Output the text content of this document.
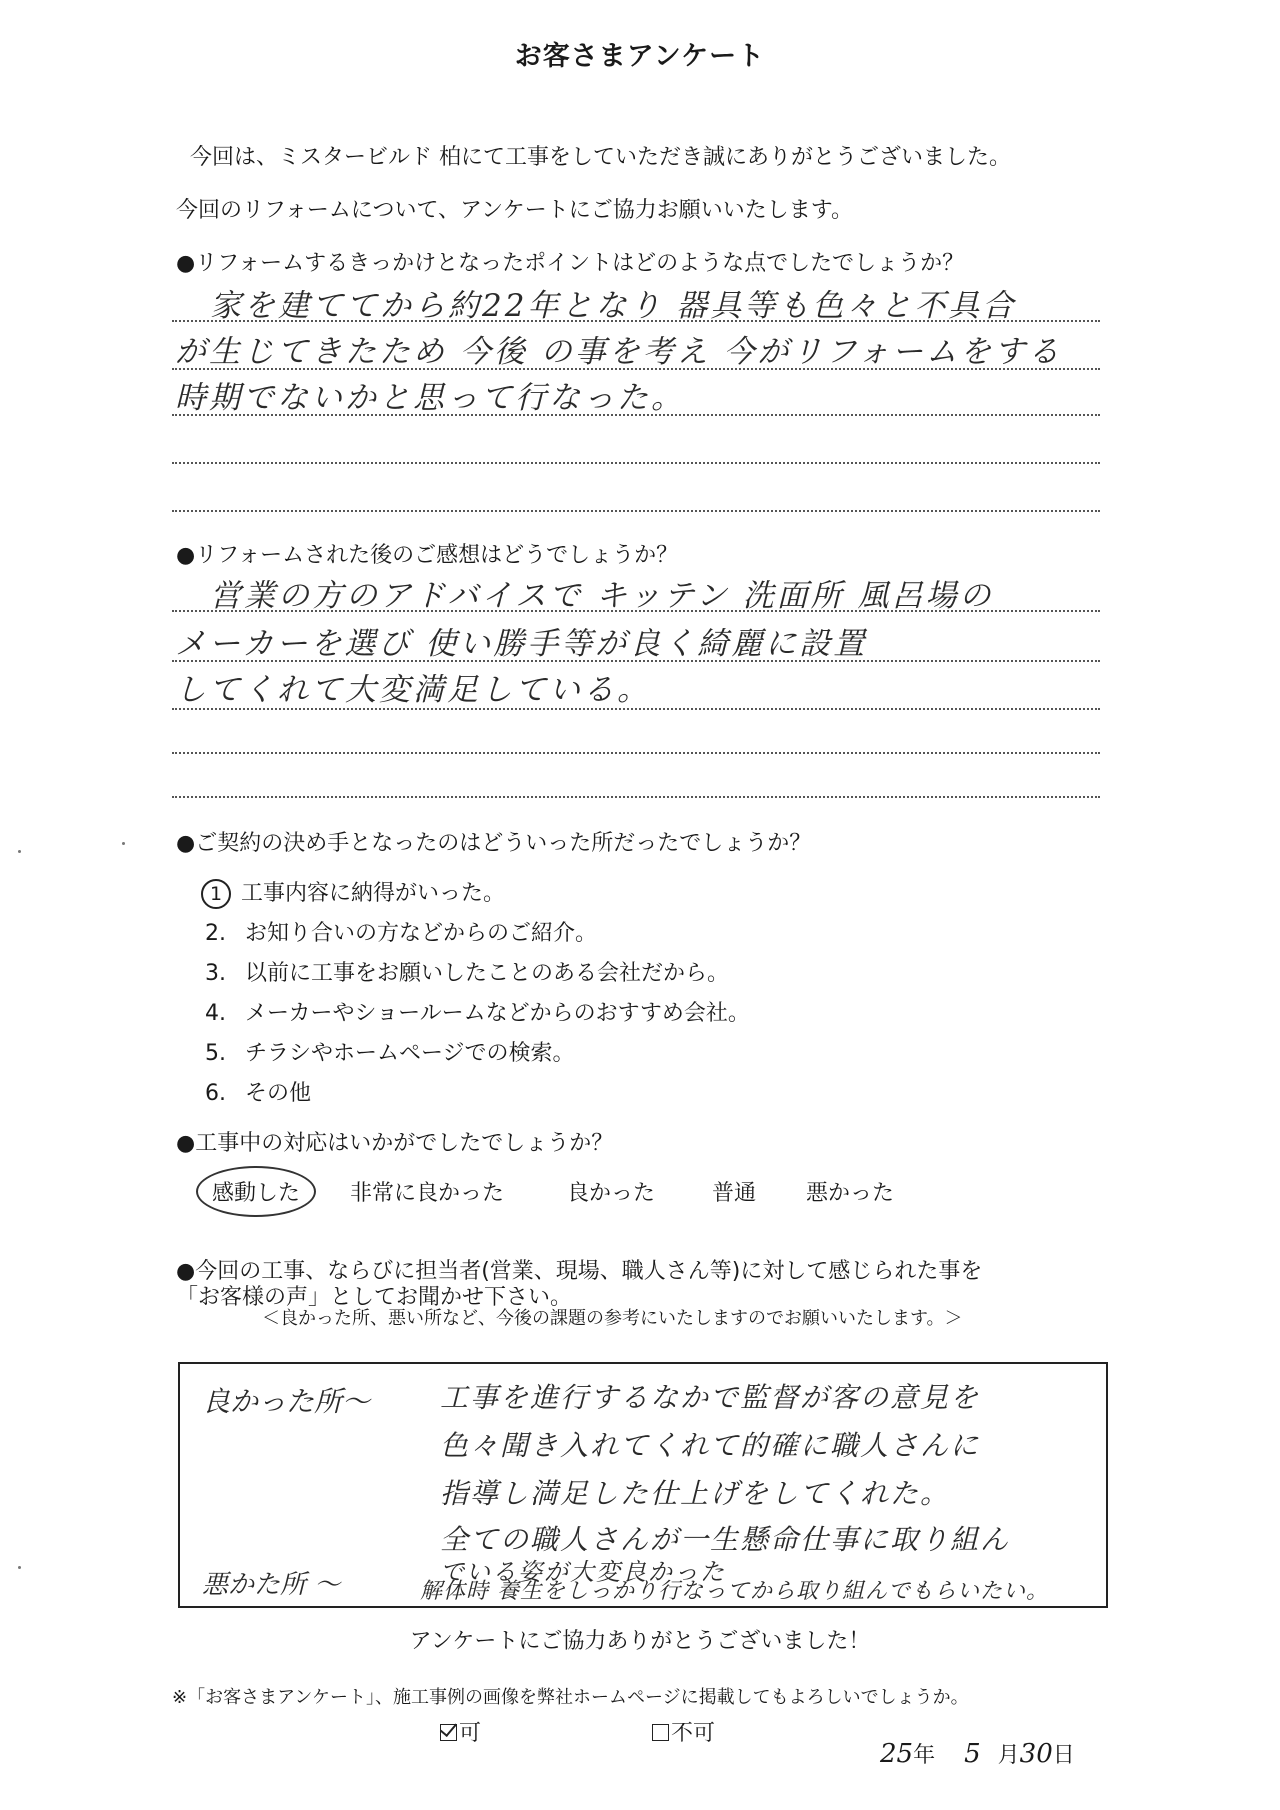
お客さまアンケート
今回は、ミスタービルド 柏にて工事をしていただき誠にありがとうございました。
今回のリフォームについて、アンケートにご協力お願いいたします。
●リフォームするきっかけとなったポイントはどのような点でしたでしょうか？
家を建ててから約22年となり 器具等も色々と不具合
が生じてきたため 今後 の事を考え 今がリフォームをする
時期でないかと思って行なった。
●リフォームされた後のご感想はどうでしょうか？
営業の方のアドバイスで キッテン 洗面所 風呂場の
メーカーを選び 使い勝手等が良く綺麗に設置
してくれて大変満足している。
●ご契約の決め手となったのはどういった所だったでしょうか？
1 工事内容に納得がいった。
2. お知り合いの方などからのご紹介。
3. 以前に工事をお願いしたことのある会社だから。
4. メーカーやショールームなどからのおすすめ会社。
5. チラシやホームページでの検索。
6. その他
●工事中の対応はいかがでしたでしょうか？
感動した	非常に良かった	良かった	普通 悪かった
●今回の工事、ならびに担当者(営業、現場、職人さん等)に対して感じられた事を
「お客様の声」としてお聞かせ下さい。
＜良かった所、悪い所など、今後の課題の参考にいたしますのでお願いいたします。＞
良かった所〜 工事を進行するなかで監督が客の意見を
色々聞き入れてくれて的確に職人さんに
指導し満足した仕上げをしてくれた。
全ての職人さんが一生懸命仕事に取り組ん
でいる姿が大変良かった
悪かた所 〜	解体時 養生をしっかり行なってから取り組んでもらいたい。
アンケートにご協力ありがとうございました！
※「お客さまアンケート」、施工事例の画像を弊社ホームページに掲載してもよろしいでしょうか。
可	不可
25年 5 月30日
